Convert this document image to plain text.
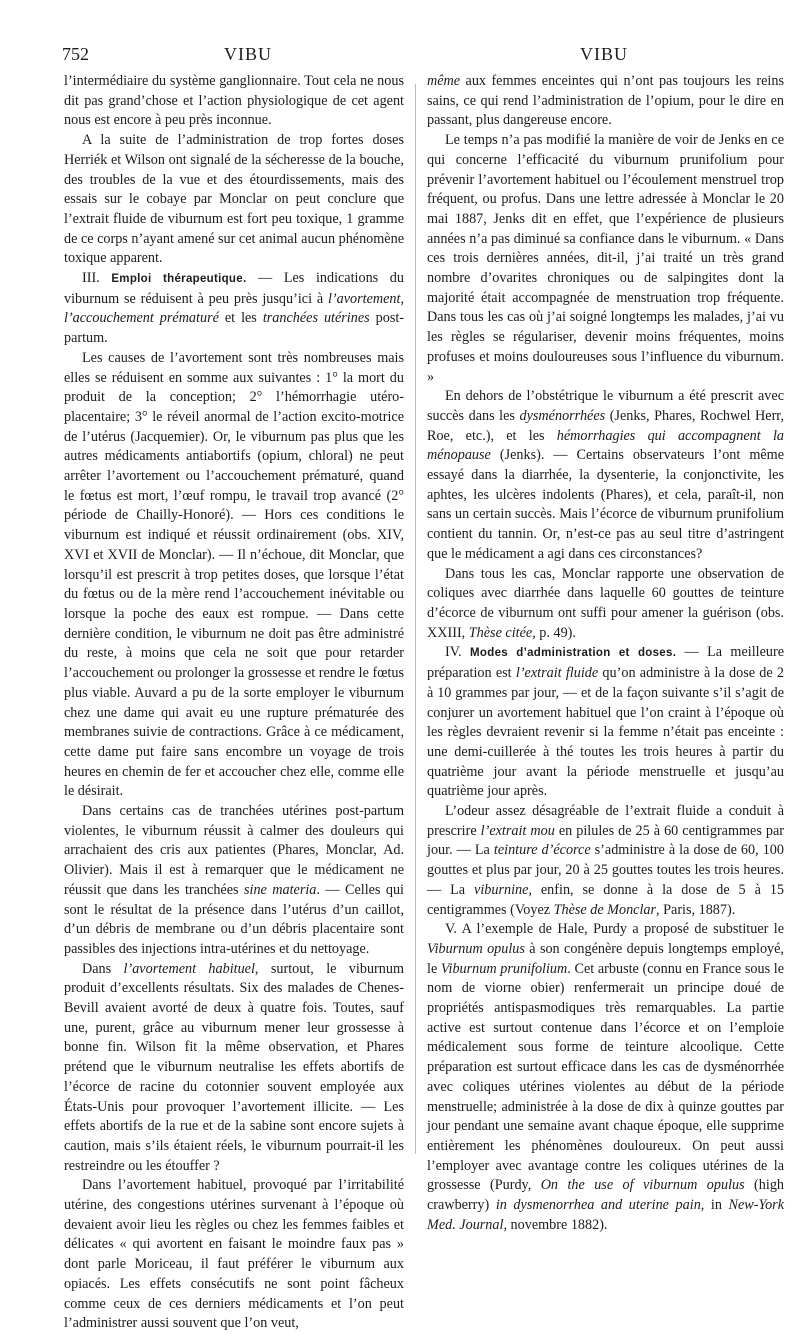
752	VIBU	VIBU

l’intermédiaire du système ganglionnaire. Tout cela ne nous dit pas grand’chose et l’action physiologique de cet agent nous est encore à peu près inconnue.

A la suite de l’administration de trop fortes doses Herriék et Wilson ont signalé de la sécheresse de la bouche, des troubles de la vue et des étourdissements, mais des essais sur le cobaye par Monclar on peut conclure que l’extrait fluide de viburnum est fort peu toxique, 1 gramme de ce corps n’ayant amené sur cet animal aucun phénomène toxique apparent.

III. Emploi thérapeutique. — Les indications du viburnum se réduisent à peu près jusqu’ici à l’avortement, l’accouchement prématuré et les tranchées utérines post-partum.

Les causes de l’avortement sont très nombreuses mais elles se réduisent en somme aux suivantes : 1° la mort du produit de la conception; 2° l’hémorrhagie utéro-placentaire; 3° le réveil anormal de l’action excito-motrice de l’utérus (Jacquemier). Or, le viburnum pas plus que les autres médicaments antiabortifs (opium, chloral) ne peut arrêter l’avortement ou l’accouchement prématuré, quand le fœtus est mort, l’œuf rompu, le travail trop avancé (2° période de Chailly-Honoré). — Hors ces conditions le viburnum est indiqué et réussit ordinairement (obs. XIV, XVI et XVII de Monclar). — Il n’échoue, dit Monclar, que lorsqu’il est prescrit à trop petites doses, que lorsque l’état du fœtus ou de la mère rend l’accouchement inévitable ou lorsque la poche des eaux est rompue. — Dans cette dernière condition, le viburnum ne doit pas être administré du reste, à moins que cela ne soit que pour retarder l’accouchement ou prolonger la grossesse et rendre le fœtus plus viable. Auvard a pu de la sorte employer le viburnum chez une dame qui avait eu une rupture prématurée des membranes suivie de contractions. Grâce à ce médicament, cette dame put faire sans encombre un voyage de trois heures en chemin de fer et accoucher chez elle, comme elle le désirait.

Dans certains cas de tranchées utérines post-partum violentes, le viburnum réussit à calmer des douleurs qui arrachaient des cris aux patientes (Phares, Monclar, Ad. Olivier). Mais il est à remarquer que le médicament ne réussit que dans les tranchées sine materia. — Celles qui sont le résultat de la présence dans l’utérus d’un caillot, d’un débris de membrane ou d’un débris placentaire sont passibles des injections intra-utérines et du nettoyage.

Dans l’avortement habituel, surtout, le viburnum produit d’excellents résultats. Six des malades de Chenes-Bevill avaient avorté de deux à quatre fois. Toutes, sauf une, purent, grâce au viburnum mener leur grossesse à bonne fin. Wilson fit la même observation, et Phares prétend que le viburnum neutralise les effets abortifs de l’écorce de racine du cotonnier souvent employée aux États-Unis pour provoquer l’avortement illicite. — Les effets abortifs de la rue et de la sabine sont encore sujets à caution, mais s’ils étaient réels, le viburnum pourrait-il les restreindre ou les étouffer ?

Dans l’avortement habituel, provoqué par l’irritabilité utérine, des congestions utérines survenant à l’époque où devaient avoir lieu les règles ou chez les femmes faibles et délicates « qui avortent en faisant le moindre faux pas » dont parle Moriceau, il faut préférer le viburnum aux opiacés. Les effets consécutifs ne sont point fâcheux comme ceux de ces derniers médicaments et l’on peut l’administrer aussi souvent que l’on veut,

même aux femmes enceintes qui n’ont pas toujours les reins sains, ce qui rend l’administration de l’opium, pour le dire en passant, plus dangereuse encore.

Le temps n’a pas modifié la manière de voir de Jenks en ce qui concerne l’efficacité du viburnum prunifolium pour prévenir l’avortement habituel ou l’écoulement menstruel trop fréquent, ou profus. Dans une lettre adressée à Monclar le 20 mai 1887, Jenks dit en effet, que l’expérience de plusieurs années n’a pas diminué sa confiance dans le viburnum. « Dans ces trois dernières années, dit-il, j’ai traité un très grand nombre d’ovarites chroniques ou de salpingites dont la majorité était accompagnée de menstruation trop fréquente. Dans tous les cas où j’ai soigné longtemps les malades, j’ai vu les règles se régulariser, devenir moins fréquentes, moins profuses et moins douloureuses sous l’influence du viburnum. »

En dehors de l’obstétrique le viburnum a été prescrit avec succès dans les dysménorrhées (Jenks, Phares, Rochwel Herr, Roe, etc.), et les hémorrhagies qui accompagnent la ménopause (Jenks). — Certains observateurs l’ont même essayé dans la diarrhée, la dysenterie, la conjonctivite, les aphtes, les ulcères indolents (Phares), et cela, paraît-il, non sans un certain succès. Mais l’écorce de viburnum prunifolium contient du tannin. Or, n’est-ce pas au seul titre d’astringent que le médicament a agi dans ces circonstances?

Dans tous les cas, Monclar rapporte une observation de coliques avec diarrhée dans laquelle 60 gouttes de teinture d’écorce de viburnum ont suffi pour amener la guérison (obs. XXIII, Thèse citée, p. 49).

IV. Modes d’administration et doses. — La meilleure préparation est l’extrait fluide qu’on administre à la dose de 2 à 10 grammes par jour, — et de la façon suivante s’il s’agit de conjurer un avortement habituel que l’on craint à l’époque où les règles devraient revenir si la femme n’était pas enceinte : une demi-cuillerée à thé toutes les trois heures à partir du quatrième jour avant la période menstruelle et jusqu’au quatrième jour après.

L’odeur assez désagréable de l’extrait fluide a conduit à prescrire l’extrait mou en pilules de 25 à 60 centigrammes par jour. — La teinture d’écorce s’administre à la dose de 60, 100 gouttes et plus par jour, 20 à 25 gouttes toutes les trois heures. — La viburnine, enfin, se donne à la dose de 5 à 15 centigrammes (Voyez Thèse de Monclar, Paris, 1887).

V. A l’exemple de Hale, Purdy a proposé de substituer le Viburnum opulus à son congénère depuis longtemps employé, le Viburnum prunifolium. Cet arbuste (connu en France sous le nom de viorne obier) renfermerait un principe doué de propriétés antispasmodiques très remarquables. La partie active est surtout contenue dans l’écorce et on l’emploie médicalement sous forme de teinture alcoolique. Cette préparation est surtout efficace dans les cas de dysménorrhée avec coliques utérines violentes au début de la période menstruelle; administrée à la dose de dix à quinze gouttes par jour pendant une semaine avant chaque époque, elle supprime entièrement les phénomènes douloureux. On peut aussi l’employer avec avantage contre les coliques utérines de la grossesse (Purdy, On the use of viburnum opulus (high crawberry) in dysmenorrhea and uterine pain, in New-York Med. Journal, novembre 1882).
